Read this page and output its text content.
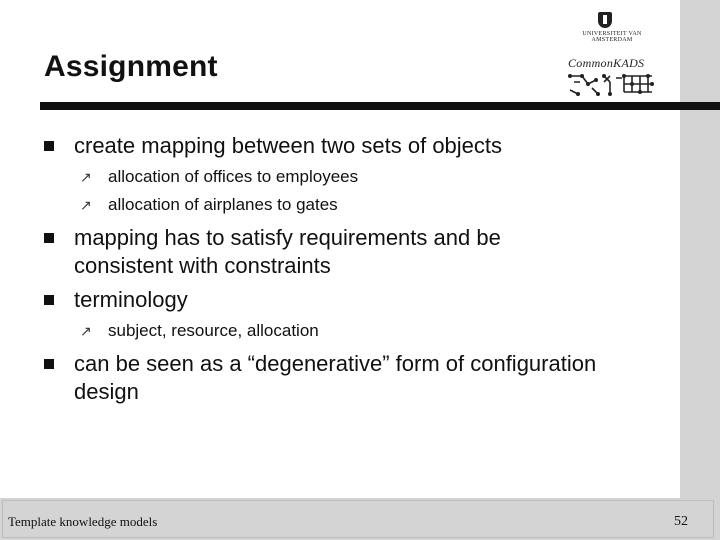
Assignment
UNIVERSITEIT VAN AMSTERDAM
CommonKADS
create mapping between two sets of objects
↗ allocation of offices to employees
↗ allocation of airplanes to gates
mapping has to satisfy requirements and be
consistent with constraints
terminology
↗ subject, resource, allocation
can be seen as a “degenerative” form of configuration
design
Template knowledge models	52
